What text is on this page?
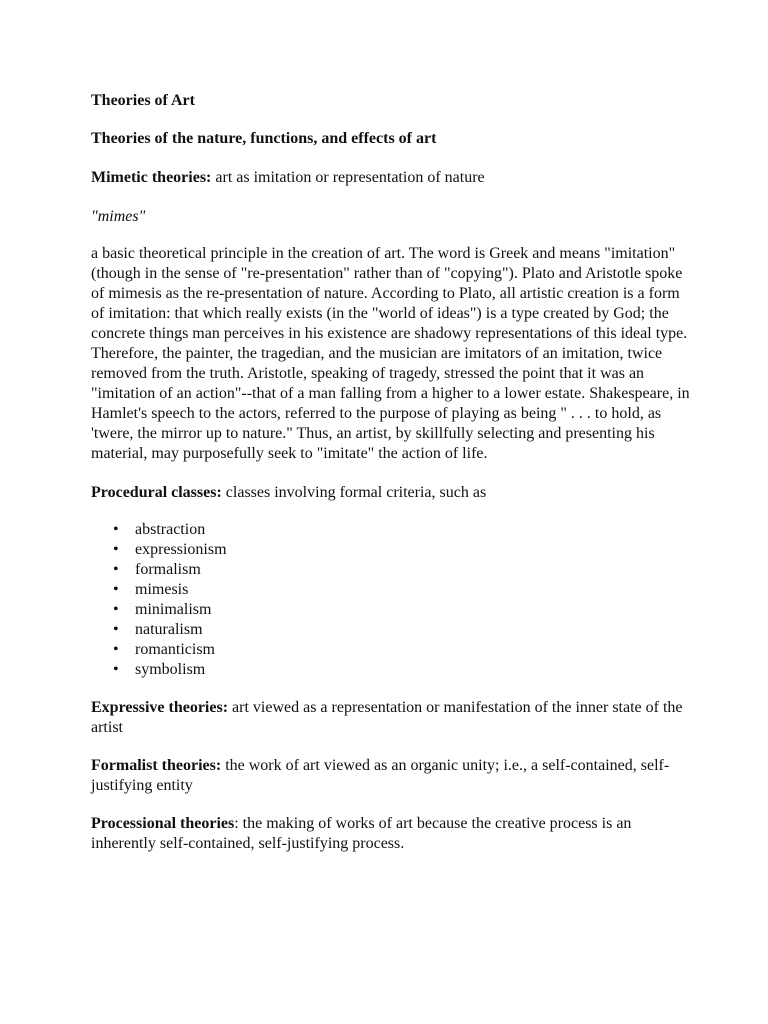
Theories of Art

Theories of the nature, functions, and effects of art

Mimetic theories: art as imitation or representation of nature

"mimes"

a basic theoretical principle in the creation of art. The word is Greek and means "imitation" (though in the sense of "re-presentation" rather than of "copying"). Plato and Aristotle spoke of mimesis as the re-presentation of nature. According to Plato, all artistic creation is a form of imitation: that which really exists (in the "world of ideas") is a type created by God; the concrete things man perceives in his existence are shadowy representations of this ideal type. Therefore, the painter, the tragedian, and the musician are imitators of an imitation, twice removed from the truth. Aristotle, speaking of tragedy, stressed the point that it was an "imitation of an action"--that of a man falling from a higher to a lower estate. Shakespeare, in Hamlet's speech to the actors, referred to the purpose of playing as being " . . . to hold, as 'twere, the mirror up to nature." Thus, an artist, by skillfully selecting and presenting his material, may purposefully seek to "imitate" the action of life.

Procedural classes: classes involving formal criteria, such as

• abstraction
• expressionism
• formalism
• mimesis
• minimalism
• naturalism
• romanticism
• symbolism

Expressive theories: art viewed as a representation or manifestation of the inner state of the artist

Formalist theories: the work of art viewed as an organic unity; i.e., a self-contained, self-justifying entity

Processional theories: the making of works of art because the creative process is an inherently self-contained, self-justifying process.
